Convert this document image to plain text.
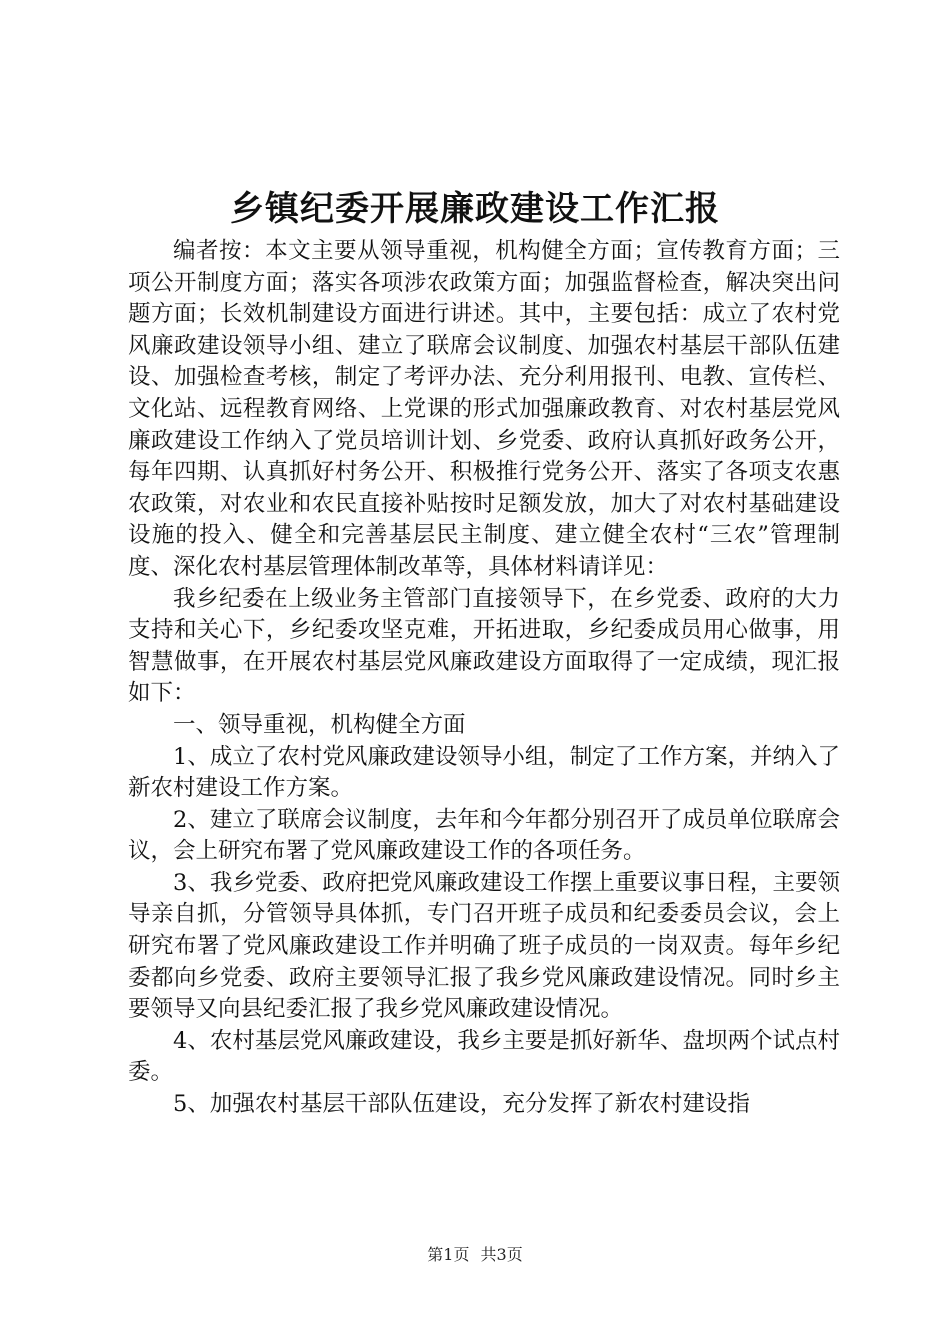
乡镇纪委开展廉政建设工作汇报

编者按：本文主要从领导重视，机构健全方面；宣传教育方面；三项公开制度方面；落实各项涉农政策方面；加强监督检查，解决突出问题方面；长效机制建设方面进行讲述。其中，主要包括：成立了农村党风廉政建设领导小组、建立了联席会议制度、加强农村基层干部队伍建设、加强检查考核，制定了考评办法、充分利用报刊、电教、宣传栏、文化站、远程教育网络、上党课的形式加强廉政教育、对农村基层党风廉政建设工作纳入了党员培训计划、乡党委、政府认真抓好政务公开，每年四期、认真抓好村务公开、积极推行党务公开、落实了各项支农惠农政策，对农业和农民直接补贴按时足额发放，加大了对农村基础建设设施的投入、健全和完善基层民主制度、建立健全农村“三农”管理制度、深化农村基层管理体制改革等，具体材料请详见：

我乡纪委在上级业务主管部门直接领导下，在乡党委、政府的大力支持和关心下，乡纪委攻坚克难，开拓进取，乡纪委成员用心做事，用智慧做事，在开展农村基层党风廉政建设方面取得了一定成绩，现汇报如下：

一、领导重视，机构健全方面

1、成立了农村党风廉政建设领导小组，制定了工作方案，并纳入了新农村建设工作方案。

2、建立了联席会议制度，去年和今年都分别召开了成员单位联席会议，会上研究布署了党风廉政建设工作的各项任务。

3、我乡党委、政府把党风廉政建设工作摆上重要议事日程，主要领导亲自抓，分管领导具体抓，专门召开班子成员和纪委委员会议，会上研究布署了党风廉政建设工作并明确了班子成员的一岗双责。每年乡纪委都向乡党委、政府主要领导汇报了我乡党风廉政建设情况。同时乡主要领导又向县纪委汇报了我乡党风廉政建设情况。

4、农村基层党风廉政建设，我乡主要是抓好新华、盘坝两个试点村委。

5、加强农村基层干部队伍建设，充分发挥了新农村建设指

第1页 共3页
